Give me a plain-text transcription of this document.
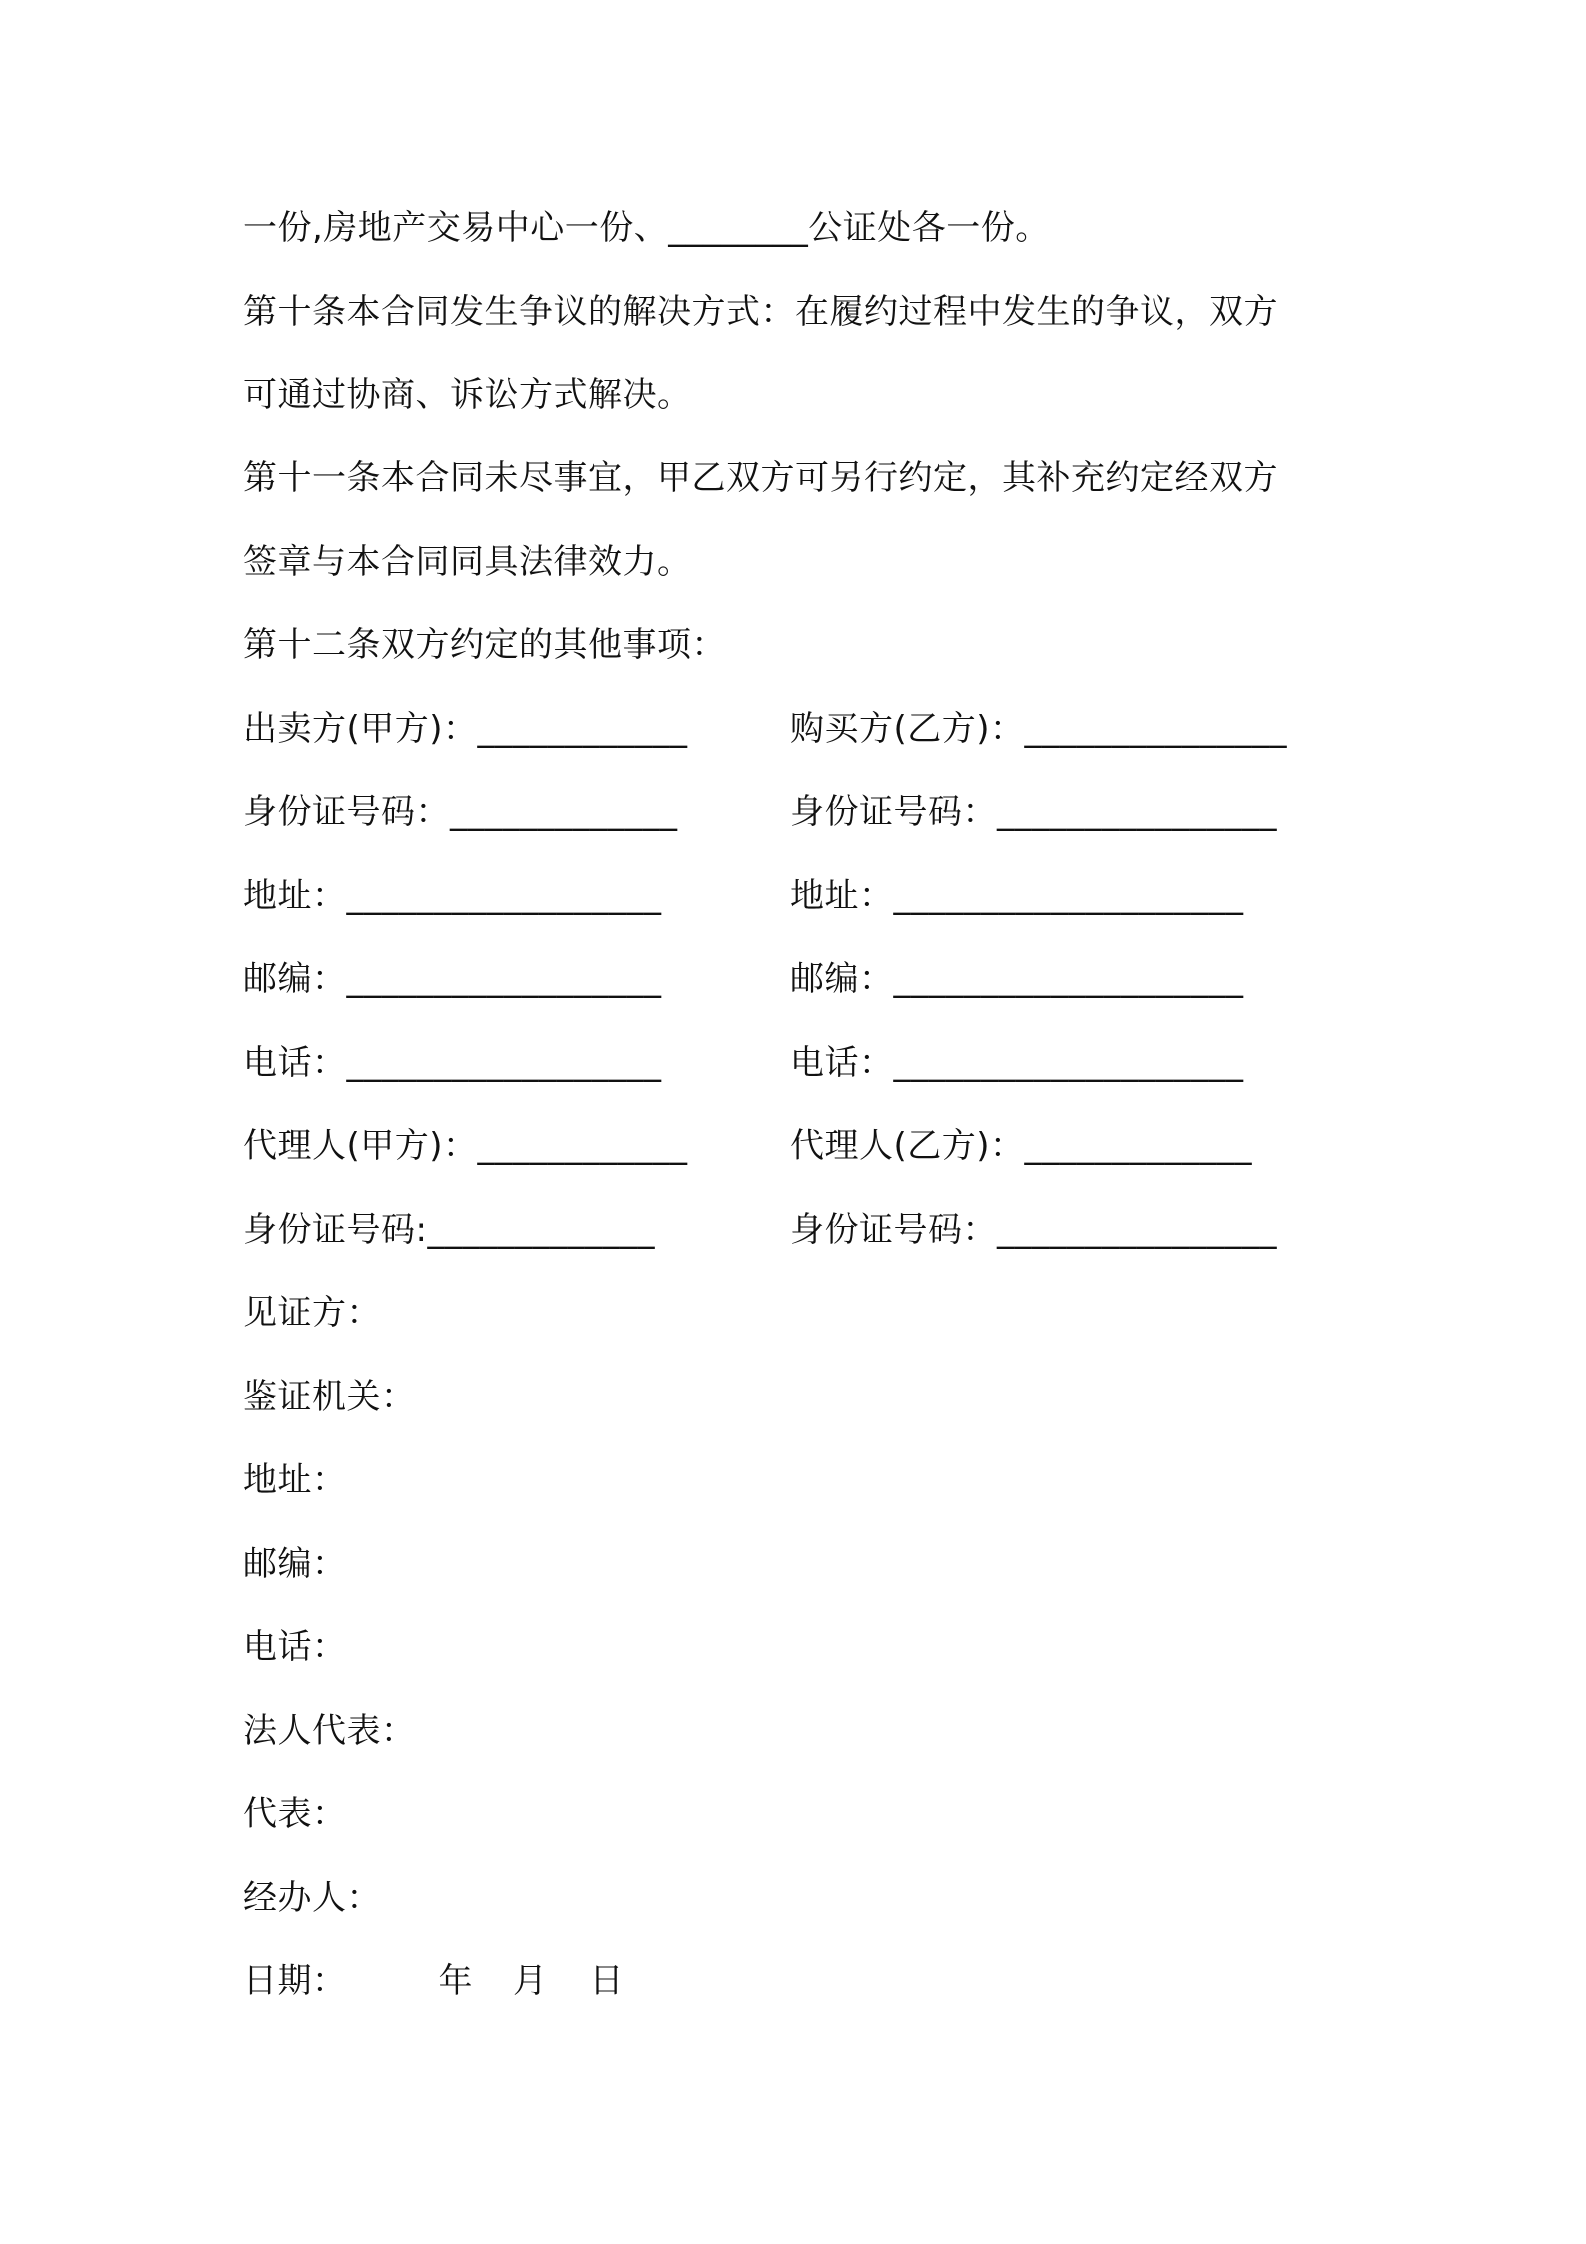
一份,房地产交易中心一份、________公证处各一份。
第十条本合同发生争议的解决方式：在履约过程中发生的争议，双方
可通过协商、诉讼方式解决。
第十一条本合同未尽事宜，甲乙双方可另行约定，其补充约定经双方
签章与本合同同具法律效力。
第十二条双方约定的其他事项：
出卖方(甲方)：____________
身份证号码：_____________
地址：__________________
邮编：__________________
电话：__________________
代理人(甲方)：____________
身份证号码:_____________
购买方(乙方)：_______________
身份证号码：________________
地址：____________________
邮编：____________________
电话：____________________
代理人(乙方)：_____________
身份证号码：________________
见证方：
鉴证机关：
地址：
邮编：
电话：
法人代表：
代表：
经办人：
日期：	年 月 日
